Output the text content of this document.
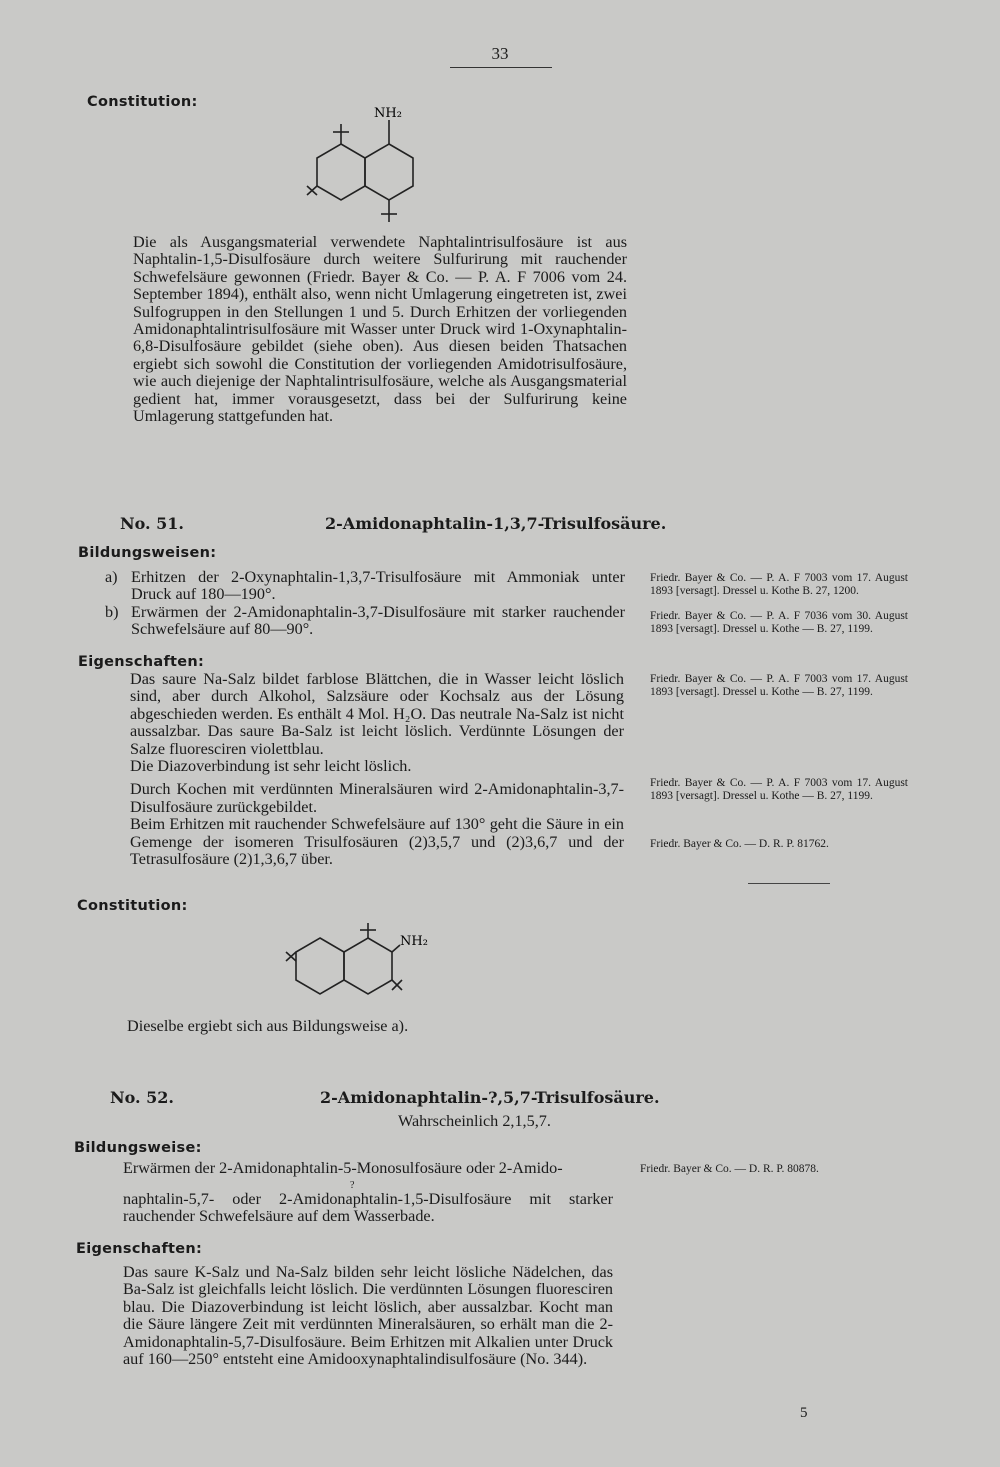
33
Constitution:
NH₂

Die als Ausgangsmaterial verwendete Naphtalintrisulfosäure ist aus Naphtalin-1,5-Disulfosäure durch weitere Sulfurirung mit rauchender Schwefelsäure gewonnen (Friedr. Bayer & Co. — P. A. F 7006 vom 24. September 1894), enthält also, wenn nicht Umlagerung eingetreten ist, zwei Sulfogruppen in den Stellungen 1 und 5. Durch Erhitzen der vorliegenden Amidonaphtalintrisulfosäure mit Wasser unter Druck wird 1-Oxynaphtalin-6,8-Disulfosäure gebildet (siehe oben). Aus diesen beiden Thatsachen ergiebt sich sowohl die Constitution der vorliegenden Amidotrisulfosäure, wie auch diejenige der Naphtalintrisulfosäure, welche als Ausgangsmaterial gedient hat, immer vorausgesetzt, dass bei der Sulfurirung keine Umlagerung stattgefunden hat.

No. 51.	2-Amidonaphtalin-1,3,7-Trisulfosäure.
Bildungsweisen:
a) Erhitzen der 2-Oxynaphtalin-1,3,7-Trisulfosäure mit Ammoniak unter Druck auf 180—190°.
b) Erwärmen der 2-Amidonaphtalin-3,7-Disulfosäure mit starker rauchender Schwefelsäure auf 80—90°.

Friedr. Bayer & Co. — P. A. F 7003 vom 17. August 1893 [versagt]. Dressel u. Kothe B. 27, 1200.

Friedr. Bayer & Co. — P. A. F 7036 vom 30. August 1893 [versagt]. Dressel u. Kothe — B. 27, 1199.

Eigenschaften:

Das saure Na-Salz bildet farblose Blättchen, die in Wasser leicht löslich sind, aber durch Alkohol, Salzsäure oder Kochsalz aus der Lösung abgeschieden werden. Es enthält 4 Mol. H₂O. Das neutrale Na-Salz ist nicht aussalzbar. Das saure Ba-Salz ist leicht löslich. Verdünnte Lösungen der Salze fluoresciren violettblau.

Die Diazoverbindung ist sehr leicht löslich.

Durch Kochen mit verdünnten Mineralsäuren wird 2-Amidonaphtalin-3,7-Disulfosäure zurückgebildet.

Beim Erhitzen mit rauchender Schwefelsäure auf 130° geht die Säure in ein Gemenge der isomeren Trisulfosäuren (2)3,5,7 und (2)3,6,7 und der Tetrasulfosäure (2)1,3,6,7 über.

Friedr. Bayer & Co. — P. A. F 7003 vom 17. August 1893 [versagt]. Dressel u. Kothe — B. 27, 1199.

Friedr. Bayer & Co. — P. A. F 7003 vom 17. August 1893 [versagt]. Dressel u. Kothe — B. 27, 1199.

Friedr. Bayer & Co. — D. R. P. 81762.

Constitution:
NH₂

Dieselbe ergiebt sich aus Bildungsweise a).

No. 52.	2-Amidonaphtalin-?,5,7-Trisulfosäure.
Wahrscheinlich 2,1,5,7.
Bildungsweise:
Erwärmen der 2-Amidonaphtalin-5-Monosulfosäure oder 2-Amido-
?
naphtalin-5,7- oder 2-Amidonaphtalin-1,5-Disulfosäure mit starker rauchender Schwefelsäure auf dem Wasserbade.

Friedr. Bayer & Co. — D. R. P. 80878.

Eigenschaften:

Das saure K-Salz und Na-Salz bilden sehr leicht lösliche Nädelchen, das Ba-Salz ist gleichfalls leicht löslich. Die verdünnten Lösungen fluoresciren blau. Die Diazoverbindung ist leicht löslich, aber aussalzbar. Kocht man die Säure längere Zeit mit verdünnten Mineralsäuren, so erhält man die 2-Amidonaphtalin-5,7-Disulfosäure. Beim Erhitzen mit Alkalien unter Druck auf 160—250° entsteht eine Amidooxynaphtalindisulfosäure (No. 344).

5
